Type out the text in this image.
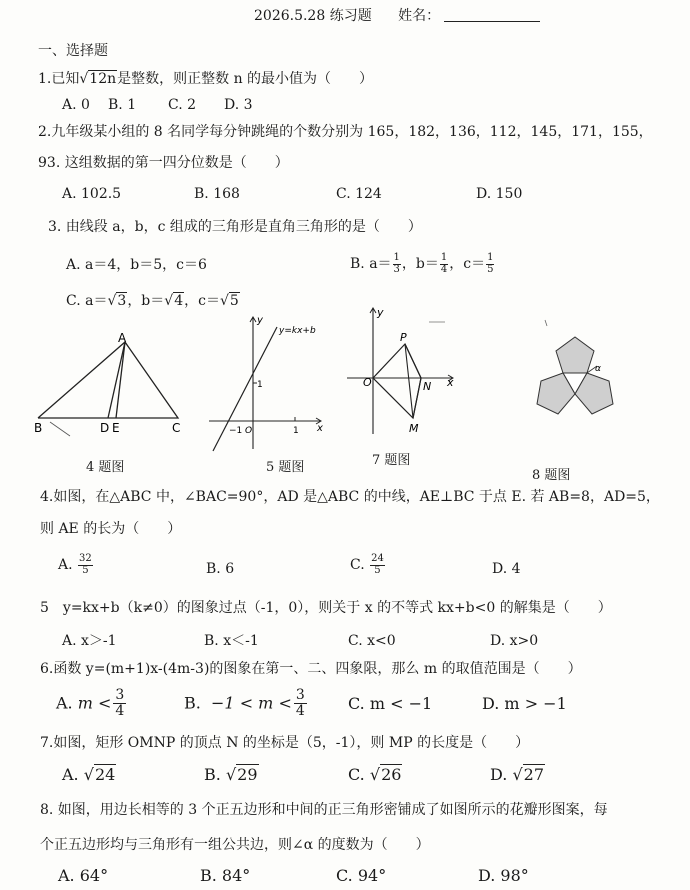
2026.5.28 练习题 姓名：
一、选择题
1.已知√12n是整数，则正整数 n 的最小值为（　　）
A. 0 B. 1 C. 2 D. 3
2.九年级某小组的 8 名同学每分钟跳绳的个数分别为 165，182，136，112，145，171，155，
93. 这组数据的第一四分位数是（　　）
A. 102.5	B. 168	C. 124	D. 150
3. 由线段 a，b，c 组成的三角形是直角三角形的是（　　）
A. a＝4，b＝5，c＝6	B. $a= \frac{1}{3}$ ，$b= \frac{1}{4}$ ，$c= \frac{1}{5}$
C. a＝√3，b＝√4，c＝√5
A
B	D E	C
4 题图
y
y=kx+b
1
−1 O	1 x
5 题图
y
P
O	N x
M
7 题图
α
8 题图
4.如图，在△ABC 中，∠BAC=90°，AD 是△ABC 的中线，AE⊥BC 于点 E. 若 AB=8，AD=5，
则 AE 的长为（　　）
A. $\frac{32}{5}$	B. 6	C. $\frac{24}{5}$	D. 4
5　y=kx+b（k≠0）的图象过点（-1，0），则关于 x 的不等式 kx+b<0 的解集是（　　）
A. x＞-1	B. x＜-1	C. x<0	D. x>0
6.函数 y=(m+1)x-(4m-3)的图象在第一、二、四象限，那么 m 的取值范围是（　　）
A. $m < \frac{3}{4}$	B. $-1 < m < \frac{3}{4}$	C. m < −1	D. m > −1
7.如图，矩形 OMNP 的顶点 N 的坐标是（5，-1），则 MP 的长度是（　　）
A. √24	B. √29	C. √26	D. √27
8. 如图，用边长相等的 3 个正五边形和中间的正三角形密铺成了如图所示的花瓣形图案，每
个正五边形均与三角形有一组公共边，则∠α 的度数为（　　）
A. 64°	B. 84°	C. 94°	D. 98°
